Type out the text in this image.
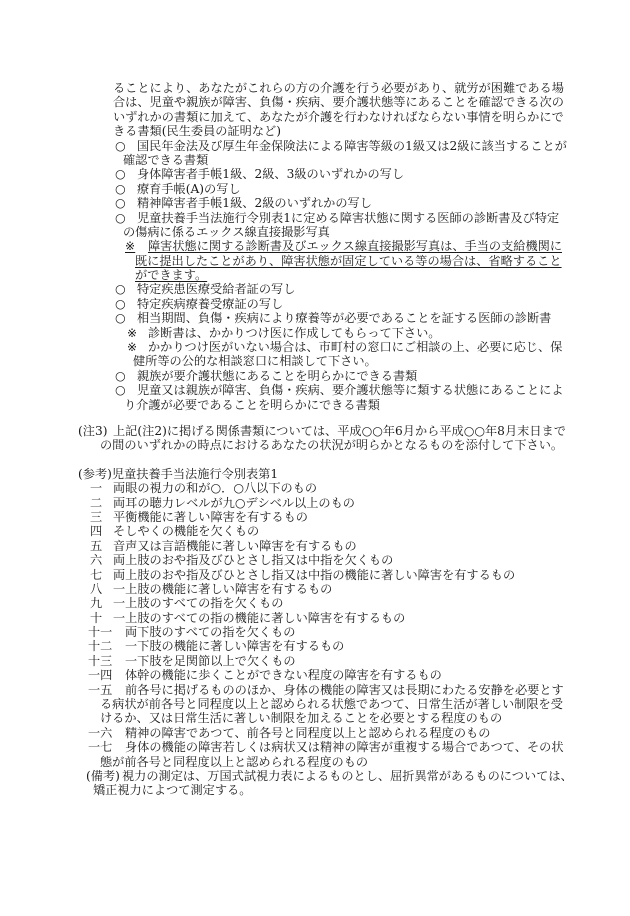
ることにより、あなたがこれらの方の介護を行う必要があり、就労が困難である場
合は、児童や親族が障害、負傷・疾病、要介護状態等にあることを確認できる次の
いずれかの書類に加えて、あなたが介護を行わなければならない事情を明らかにで
きる書類(民生委員の証明など)
○ 国民年金法及び厚生年金保険法による障害等級の1級又は2級に該当することが
確認できる書類
○ 身体障害者手帳1級、2級、3級のいずれかの写し
○ 療育手帳(A)の写し
○ 精神障害者手帳1級、2級のいずれかの写し
○ 児童扶養手当法施行令別表1に定める障害状態に関する医師の診断書及び特定
の傷病に係るエックス線直接撮影写真
※ 障害状態に関する診断書及びエックス線直接撮影写真は、手当の支給機関に
既に提出したことがあり、障害状態が固定している等の場合は、省略すること
ができます。
○ 特定疾患医療受給者証の写し
○ 特定疾病療養受療証の写し
○ 相当期間、負傷・疾病により療養等が必要であることを証する医師の診断書
※ 診断書は、かかりつけ医に作成してもらって下さい。
※ かかりつけ医がいない場合は、市町村の窓口にご相談の上、必要に応じ、保
健所等の公的な相談窓口に相談して下さい。
○ 親族が要介護状態にあることを明らかにできる書類
○ 児童又は親族が障害、負傷・疾病、要介護状態等に類する状態にあることによ
り介護が必要であることを明らかにできる書類
(注3) 上記(注2)に掲げる関係書類については、平成○○年6月から平成○○年8月末日まで
の間のいずれかの時点におけるあなたの状況が明らかとなるものを添付して下さい。
(参考)児童扶養手当法施行令別表第1
一 両眼の視力の和が○．○八以下のもの
二 両耳の聴力レベルが九○デシベル以上のもの
三 平衡機能に著しい障害を有するもの
四 そしやくの機能を欠くもの
五 音声又は言語機能に著しい障害を有するもの
六 両上肢のおや指及びひとさし指又は中指を欠くもの
七 両上肢のおや指及びひとさし指又は中指の機能に著しい障害を有するもの
八 一上肢の機能に著しい障害を有するもの
九 一上肢のすべての指を欠くもの
十 一上肢のすべての指の機能に著しい障害を有するもの
十一 両下肢のすべての指を欠くもの
十二 一下肢の機能に著しい障害を有するもの
十三 一下肢を足関節以上で欠くもの
一四 体幹の機能に歩くことができない程度の障害を有するもの
一五 前各号に掲げるもののほか、身体の機能の障害又は長期にわたる安静を必要とす
る病状が前各号と同程度以上と認められる状態であつて、日常生活が著しい制限を受
けるか、又は日常生活に著しい制限を加えることを必要とする程度のもの
一六 精神の障害であつて、前各号と同程度以上と認められる程度のもの
一七 身体の機能の障害若しくは病状又は精神の障害が重複する場合であつて、その状
態が前各号と同程度以上と認められる程度のもの
(備考) 視力の測定は、万国式試視力表によるものとし、屈折異常があるものについては、
矯正視力によつて測定する。
